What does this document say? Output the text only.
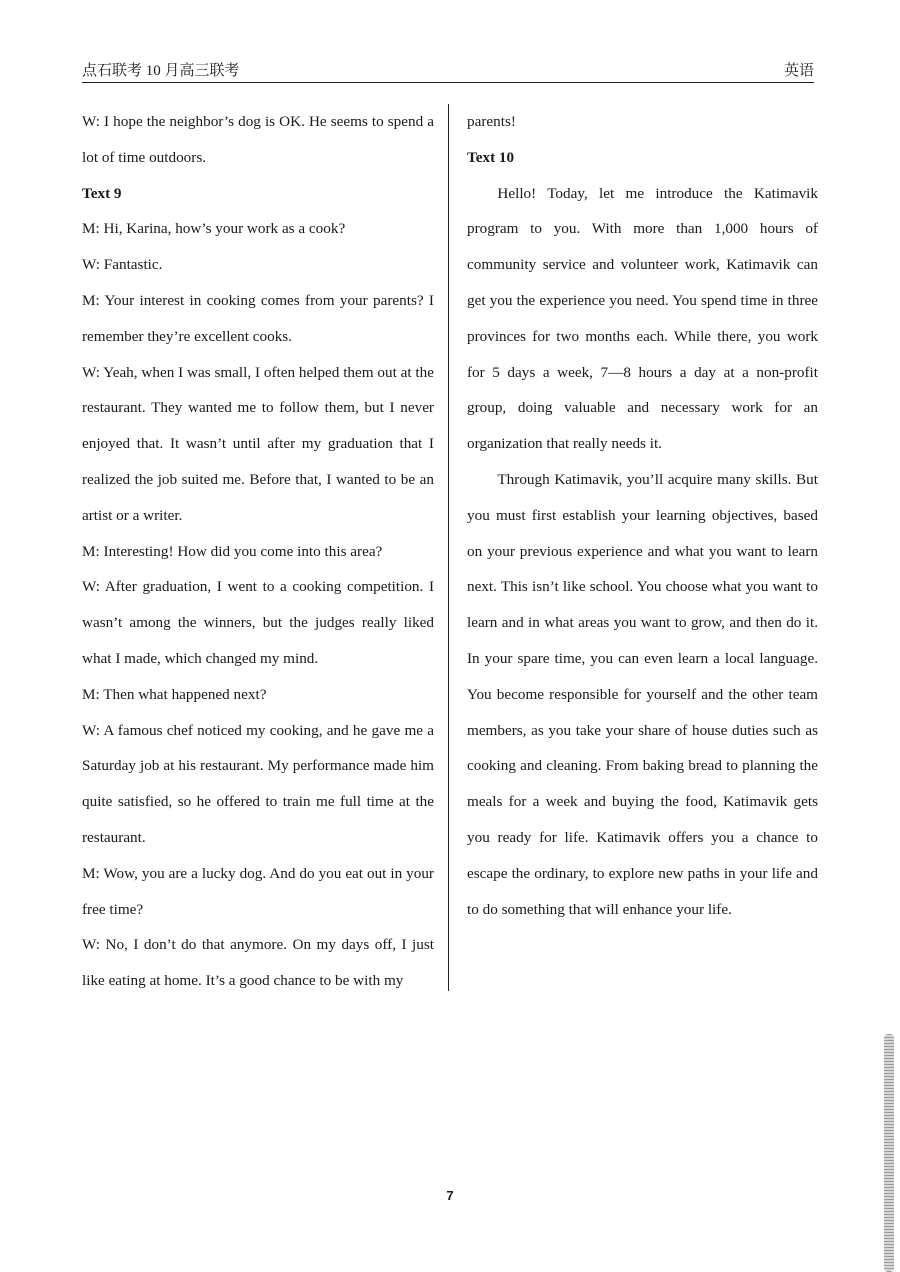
点石联考 10 月高三联考	英语

W: I hope the neighbor’s dog is OK. He seems to spend a lot of time outdoors.

Text 9

M: Hi, Karina, how’s your work as a cook?

W: Fantastic.

M: Your interest in cooking comes from your parents? I remember they’re excellent cooks.

W: Yeah, when I was small, I often helped them out at the restaurant. They wanted me to follow them, but I never enjoyed that. It wasn’t until after my graduation that I realized the job suited me. Before that, I wanted to be an artist or a writer.

M: Interesting! How did you come into this area?

W: After graduation, I went to a cooking competition. I wasn’t among the winners, but the judges really liked what I made, which changed my mind.

M: Then what happened next?

W: A famous chef noticed my cooking, and he gave me a Saturday job at his restaurant. My performance made him quite satisfied, so he offered to train me full time at the restaurant.

M: Wow, you are a lucky dog. And do you eat out in your free time?

W: No, I don’t do that anymore. On my days off, I just like eating at home. It’s a good chance to be with my

parents!

Text 10

Hello! Today, let me introduce the Katimavik program to you. With more than 1,000 hours of community service and volunteer work, Katimavik can get you the experience you need. You spend time in three provinces for two months each. While there, you work for 5 days a week, 7—8 hours a day at a non-profit group, doing valuable and necessary work for an organization that really needs it.

Through Katimavik, you’ll acquire many skills. But you must first establish your learning objectives, based on your previous experience and what you want to learn next. This isn’t like school. You choose what you want to learn and in what areas you want to grow, and then do it. In your spare time, you can even learn a local language. You become responsible for yourself and the other team members, as you take your share of house duties such as cooking and cleaning. From baking bread to planning the meals for a week and buying the food, Katimavik gets you ready for life. Katimavik offers you a chance to escape the ordinary, to explore new paths in your life and to do something that will enhance your life.

7
